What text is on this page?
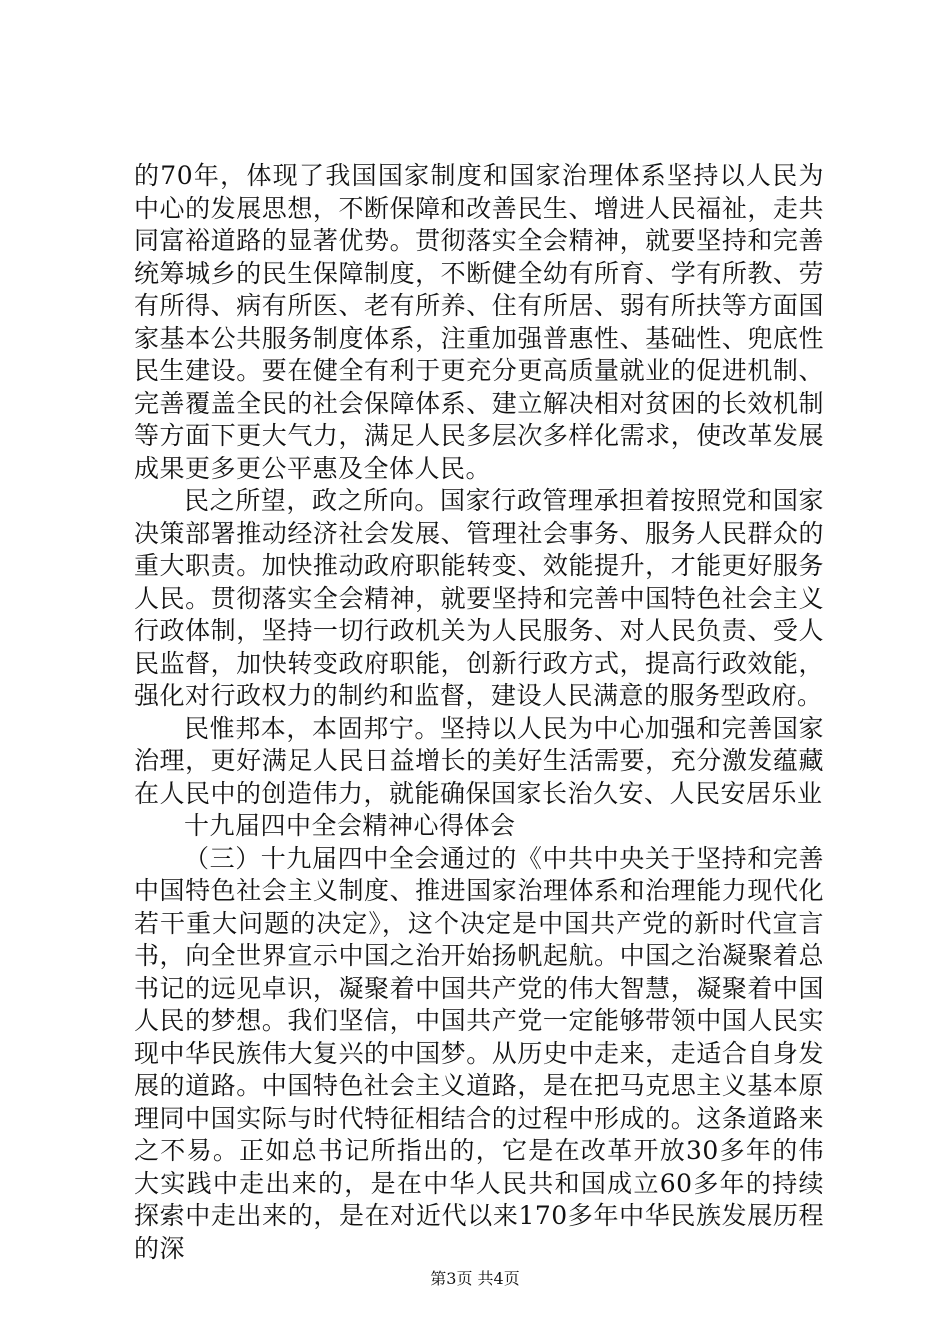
的70年，体现了我国国家制度和国家治理体系坚持以人民为中心的发展思想，不断保障和改善民生、增进人民福祉，走共同富裕道路的显著优势。贯彻落实全会精神，就要坚持和完善统筹城乡的民生保障制度，不断健全幼有所育、学有所教、劳有所得、病有所医、老有所养、住有所居、弱有所扶等方面国家基本公共服务制度体系，注重加强普惠性、基础性、兜底性民生建设。要在健全有利于更充分更高质量就业的促进机制、完善覆盖全民的社会保障体系、建立解决相对贫困的长效机制等方面下更大气力，满足人民多层次多样化需求，使改革发展成果更多更公平惠及全体人民。

民之所望，政之所向。国家行政管理承担着按照党和国家决策部署推动经济社会发展、管理社会事务、服务人民群众的重大职责。加快推动政府职能转变、效能提升，才能更好服务人民。贯彻落实全会精神，就要坚持和完善中国特色社会主义行政体制，坚持一切行政机关为人民服务、对人民负责、受人民监督，加快转变政府职能，创新行政方式，提高行政效能，强化对行政权力的制约和监督，建设人民满意的服务型政府。

民惟邦本，本固邦宁。坚持以人民为中心加强和完善国家治理，更好满足人民日益增长的美好生活需要，充分激发蕴藏在人民中的创造伟力，就能确保国家长治久安、人民安居乐业

十九届四中全会精神心得体会

（三）十九届四中全会通过的《中共中央关于坚持和完善中国特色社会主义制度、推进国家治理体系和治理能力现代化若干重大问题的决定》，这个决定是中国共产党的新时代宣言书，向全世界宣示中国之治开始扬帆起航。中国之治凝聚着总书记的远见卓识，凝聚着中国共产党的伟大智慧，凝聚着中国人民的梦想。我们坚信，中国共产党一定能够带领中国人民实现中华民族伟大复兴的中国梦。从历史中走来，走适合自身发展的道路。中国特色社会主义道路，是在把马克思主义基本原理同中国实际与时代特征相结合的过程中形成的。这条道路来之不易。正如总书记所指出的，它是在改革开放30多年的伟大实践中走出来的，是在中华人民共和国成立60多年的持续探索中走出来的，是在对近代以来170多年中华民族发展历程的深

第3页 共4页
